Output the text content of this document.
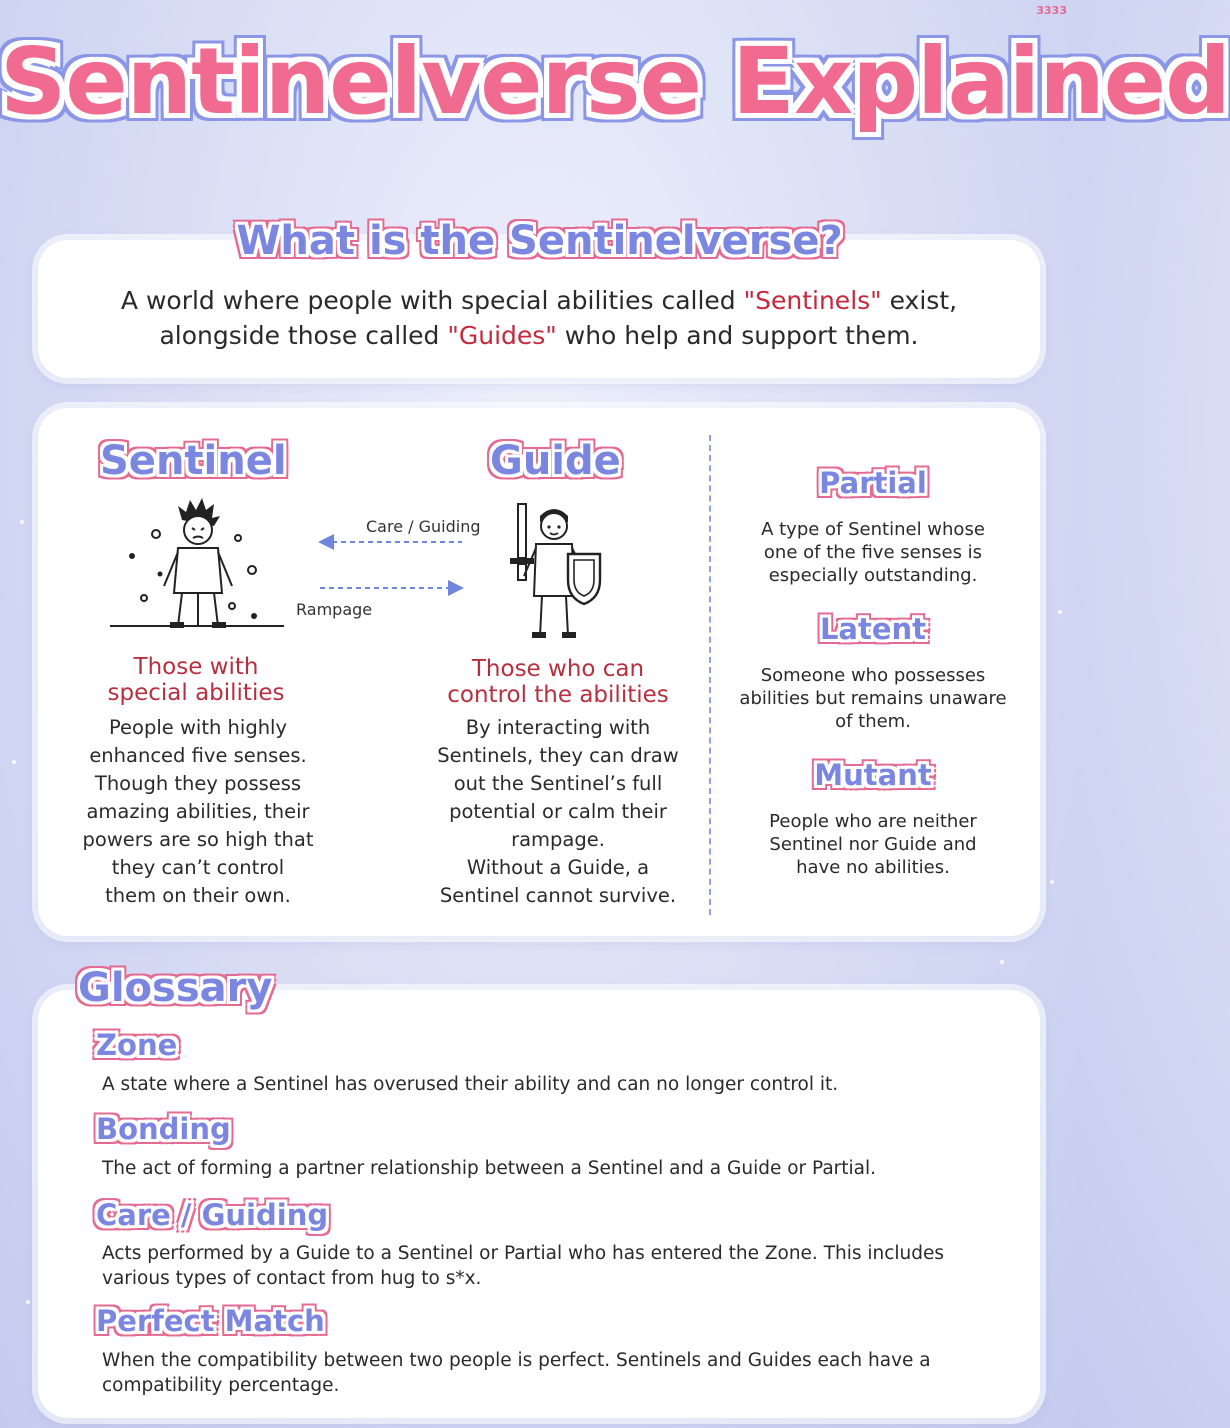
3333
Sentinelverse Explained
What is the Sentinelverse?
A world where people with special abilities called "Sentinels" exist,
alongside those called "Guides" who help and support them.
Sentinel	Guide
Care / Guiding
Rampage
Those with
special abilities
People with highly
enhanced five senses.
Though they possess
amazing abilities, their
powers are so high that
they can’t control
them on their own.
Those who can
control the abilities
By interacting with
Sentinels, they can draw
out the Sentinel’s full
potential or calm their
rampage.
Without a Guide, a
Sentinel cannot survive.
Partial
A type of Sentinel whose
one of the five senses is
especially outstanding.
Latent
Someone who possesses
abilities but remains unaware
of them.
Mutant
People who are neither
Sentinel nor Guide and
have no abilities.
Glossary
Zone
A state where a Sentinel has overused their ability and can no longer control it.
Bonding
The act of forming a partner relationship between a Sentinel and a Guide or Partial.
Care / Guiding
Acts performed by a Guide to a Sentinel or Partial who has entered the Zone. This includes
various types of contact from hug to s*x.
Perfect Match
When the compatibility between two people is perfect. Sentinels and Guides each have a
compatibility percentage.
